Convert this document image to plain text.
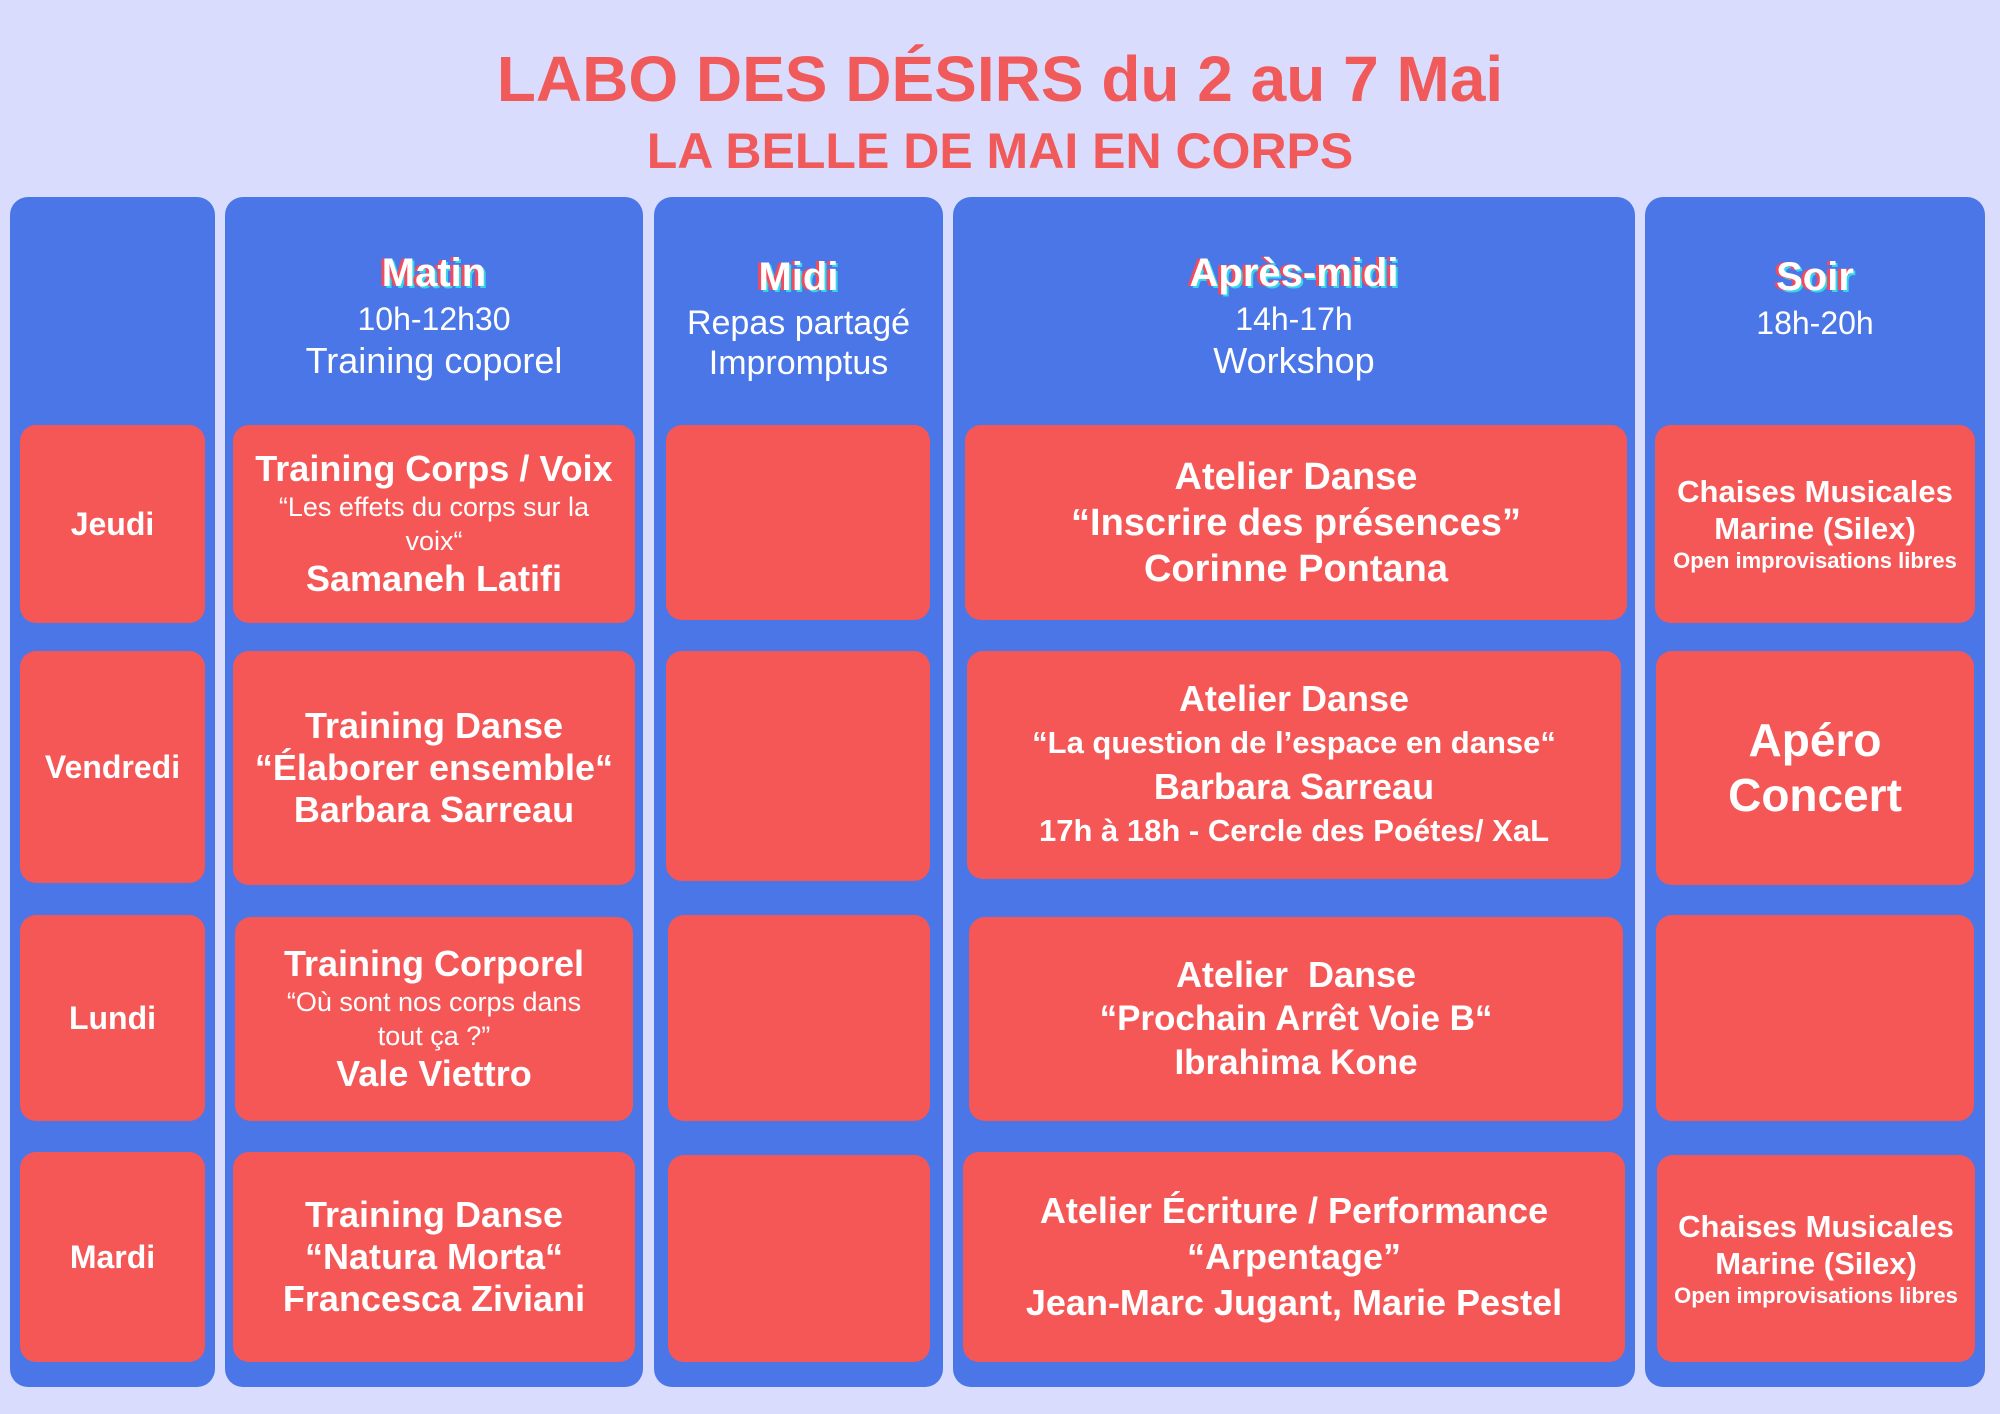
LABO DES DÉSIRS du 2 au 7 Mai
LA BELLE DE MAI EN CORPS
Jeudi
Vendredi
Lundi
Mardi
Matin
10h-12h30
Training coporel
Training Corps / Voix
“Les effets du corps sur la voix“
Samaneh Latifi
Training Danse
“Élaborer ensemble“
Barbara Sarreau
Training Corporel
“Où sont nos corps dans tout ça ?”
Vale Viettro
Training Danse
“Natura Morta“
Francesca Ziviani
Midi
Repas partagé
Impromptus
Après-midi
14h-17h
Workshop
Atelier Danse
“Inscrire des présences”
Corinne Pontana
Atelier Danse
“La question de l’espace en danse“
Barbara Sarreau
17h à 18h - Cercle des Poétes/ XaL
Atelier  Danse
“Prochain Arrêt Voie B“
Ibrahima Kone
Atelier Écriture / Performance
“Arpentage”
Jean-Marc Jugant, Marie Pestel
Soir
18h-20h
Chaises Musicales
Marine (Silex)
Open improvisations libres
Apéro
Concert
Chaises Musicales
Marine (Silex)
Open improvisations libres
